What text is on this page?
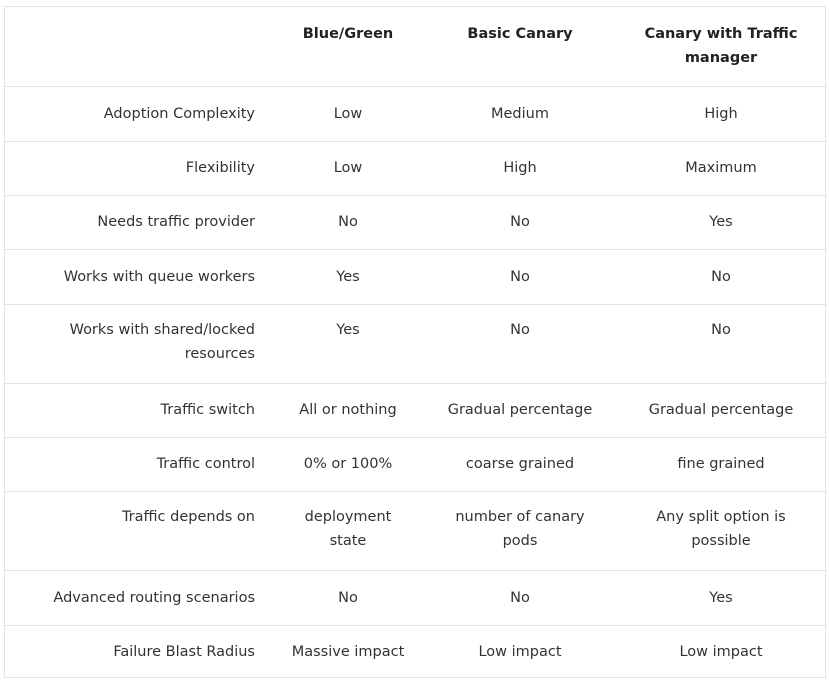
	Blue/Green	Basic Canary	Canary with Traffic manager
Adoption Complexity	Low	Medium	High
Flexibility	Low	High	Maximum
Needs traffic provider	No	No	Yes
Works with queue workers	Yes	No	No
Works with shared/locked resources	Yes	No	No
Traffic switch	All or nothing	Gradual percentage	Gradual percentage
Traffic control	0% or 100%	coarse grained	fine grained
Traffic depends on	deployment state	number of canary pods	Any split option is possible
Advanced routing scenarios	No	No	Yes
Failure Blast Radius	Massive impact	Low impact	Low impact
